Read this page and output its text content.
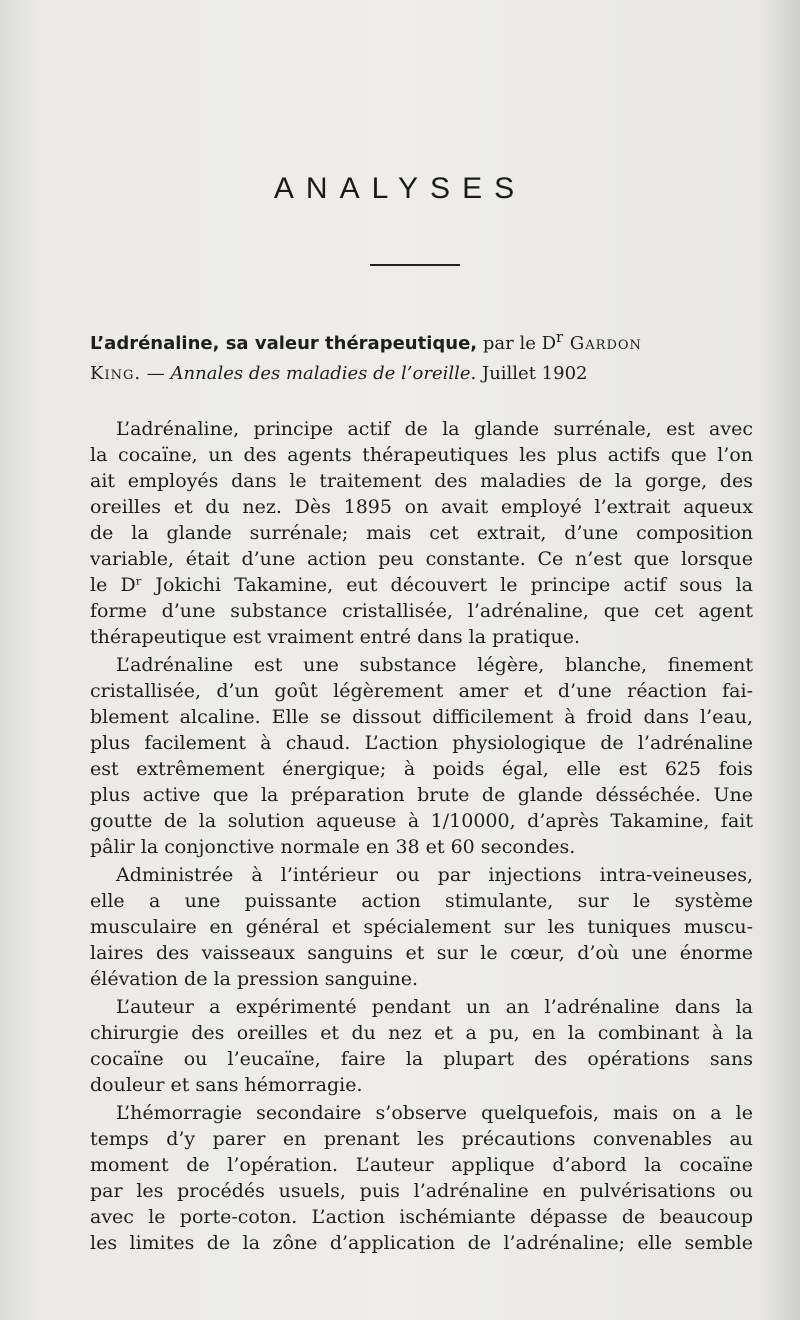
ANALYSES
L’adrénaline, sa valeur thérapeutique, par le $D^r$ Gardon
King. — Annales des maladies de l’oreille. Juillet 1902
L’adrénaline, principe actif de la glande surrénale, est avec
la cocaïne, un des agents thérapeutiques les plus actifs que l’on
ait employés dans le traitement des maladies de la gorge, des
oreilles et du nez. Dès 1895 on avait employé l’extrait aqueux
de la glande surrénale; mais cet extrait, d’une composition
variable, était d’une action peu constante. Ce n’est que lorsque
le Dʳ Jokichi Takamine, eut découvert le principe actif sous la
forme d’une substance cristallisée, l’adrénaline, que cet agent
thérapeutique est vraiment entré dans la pratique.
L’adrénaline est une substance légère, blanche, finement
cristallisée, d’un goût légèrement amer et d’une réaction fai-
blement alcaline. Elle se dissout difficilement à froid dans l’eau,
plus facilement à chaud. L’action physiologique de l’adrénaline
est extrêmement énergique; à poids égal, elle est 625 fois
plus active que la préparation brute de glande désséchée. Une
goutte de la solution aqueuse à 1/10000, d’après Takamine, fait
pâlir la conjonctive normale en 38 et 60 secondes.
Administrée à l’intérieur ou par injections intra-veineuses,
elle a une puissante action stimulante, sur le système
musculaire en général et spécialement sur les tuniques muscu-
laires des vaisseaux sanguins et sur le cœur, d’où une énorme
élévation de la pression sanguine.
L’auteur a expérimenté pendant un an l’adrénaline dans la
chirurgie des oreilles et du nez et a pu, en la combinant à la
cocaïne ou l’eucaïne, faire la plupart des opérations sans
douleur et sans hémorragie.
L’hémorragie secondaire s’observe quelquefois, mais on a le
temps d’y parer en prenant les précautions convenables au
moment de l’opération. L’auteur applique d’abord la cocaïne
par les procédés usuels, puis l’adrénaline en pulvérisations ou
avec le porte-coton. L’action ischémiante dépasse de beaucoup
les limites de la zône d’application de l’adrénaline; elle semble
